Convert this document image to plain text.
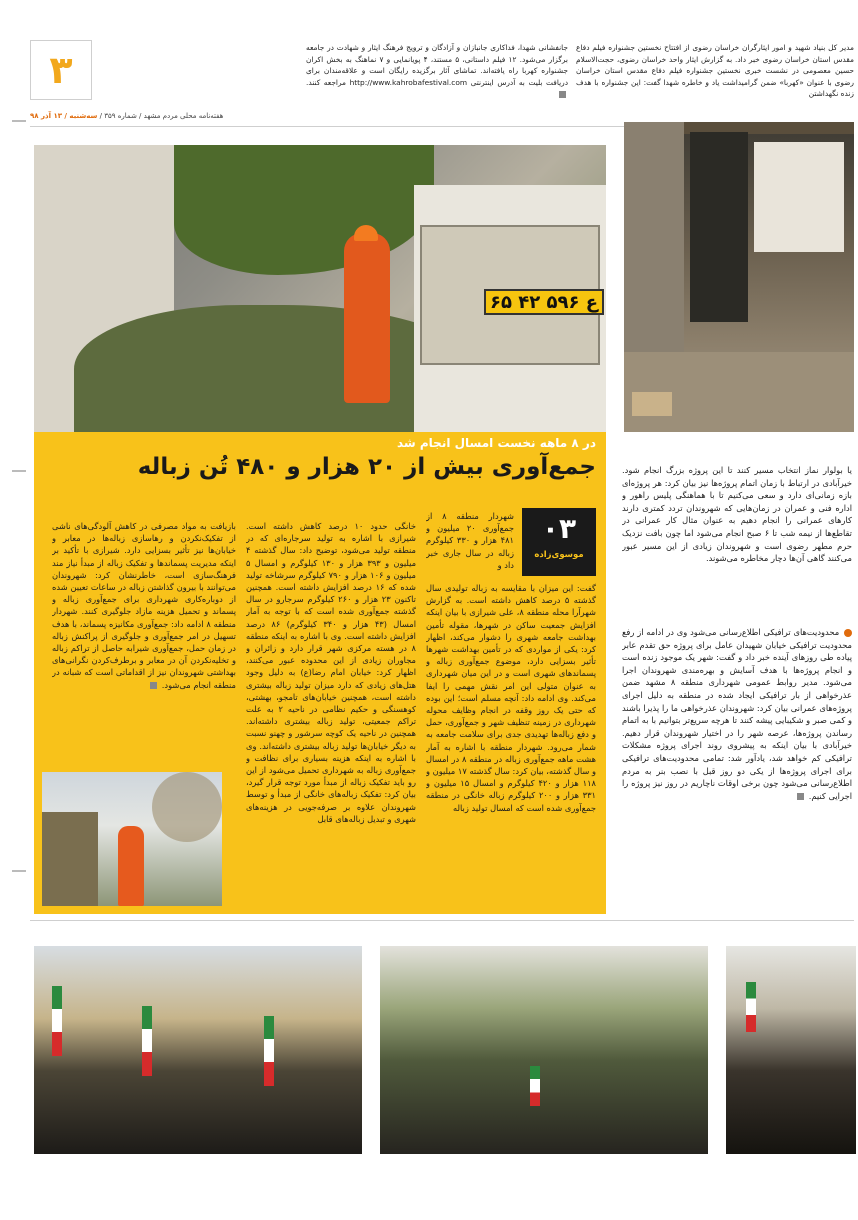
۳
هفته‌نامه محلی مردم مشهد / شماره ۳۵۹ / سه‌شنبه / ۱۳ آذر ۹۸
مدیر کل بنیاد شهید و امور ایثارگران خراسان رضوی از افتتاح نخستین جشنواره فیلم دفاع مقدس استان خراسان رضوی خبر داد. به گزارش ایثار واحد خراسان رضوی، حجت‌الاسلام حسین معصومی در نشست خبری نخستین جشنواره فیلم دفاع مقدس استان خراسان رضوی با عنوان «کهربا» ضمن گرامیداشت یاد و خاطره شهدا گفت: این جشنواره با هدف زنده نگهداشتن
جانفشانی شهدا، فداکاری جانبازان و آزادگان و ترویج فرهنگ ایثار و شهادت در جامعه برگزار می‌شود. ۱۲ فیلم داستانی، ۵ مستند، ۴ پویانمایی و ۷ نماهنگ به بخش اکران جشنواره کهربا راه یافته‌اند. تماشای آثار برگزیده رایگان است و علاقه‌مندان برای دریافت بلیت به آدرس اینترنتی http://www.kahrobafestival.com مراجعه کنند.
۶۵ ع ۵۹۶ ۴۲
در ۸ ماهه نخست امسال انجام شد
جمع‌آوری بیش از ۲۰ هزار و ۴۸۰ تُن زباله
۰۳
موسوی‌زاده
شهردار منطقه ۸ از جمع‌آوری ۲۰ میلیون و ۴۸۱ هزار و ۳۳۰ کیلوگرم زباله در سال جاری خبر داد و
گفت: این میزان با مقایسه به زباله تولیدی سال گذشته ۵ درصد کاهش داشته است. به گزارش شهرآرا محله منطقه ۸، علی شیرازی با بیان اینکه افزایش جمعیت ساکن در شهرها، مقوله تأمین بهداشت جامعه شهری را دشوار می‌کند، اظهار کرد: یکی از مواردی که در تأمین بهداشت شهرها تأثیر بسزایی دارد، موضوع جمع‌آوری زباله و پسماندهای شهری است و در این میان شهرداری به عنوان متولی این امر نقش مهمی را ایفا می‌کند. وی ادامه داد: آنچه مسلم است؛ این بوده که حتی یک روز وقفه در انجام وظایف محوله شهرداری در زمینه تنظیف شهر و جمع‌آوری، حمل و دفع زباله‌ها تهدیدی جدی برای سلامت جامعه به شمار می‌رود. شهردار منطقه با اشاره به آمار هشت ماهه جمع‌آوری زباله در منطقه ۸ در امسال و سال گذشته، بیان کرد: سال گذشته ۱۷ میلیون و ۱۱۸ هزار و ۴۲۰ کیلوگرم و امسال ۱۵ میلیون و ۳۳۱ هزار و ۲۰۰ کیلوگرم زباله خانگی در منطقه جمع‌آوری شده است که امسال تولید زباله
خانگی حدود ۱۰ درصد کاهش داشته است. شیرازی با اشاره به تولید سرجاره‌ای که در منطقه تولید می‌شود، توضیح داد: سال گذشته ۴ میلیون و ۳۹۳ هزار و ۱۳۰ کیلوگرم و امسال ۵ میلیون و ۱۰۶ هزار و ۷۹۰ کیلوگرم سرشاخه تولید شده که ۱۶ درصد افزایش داشته است. همچنین تاکنون ۲۳ هزار و ۲۶۰ کیلوگرم سرجارو در سال گذشته جمع‌آوری شده است که با توجه به آمار امسال (۴۳ هزار و ۳۴۰ کیلوگرم) ۸۶ درصد افزایش داشته است. وی با اشاره به اینکه منطقه ۸ در هسته مرکزی شهر قرار دارد و زائران و مجاوران زیادی از این محدوده عبور می‌کنند، اظهار کرد: خیابان امام رضا(ع) به دلیل وجود هتل‌های زیادی که دارد میزان تولید زباله بیشتری داشته است، همچنین خیابان‌های تامجو، بهشتی، کوهسنگی و حکیم نظامی در ناحیه ۲ به علت تراکم جمعیتی، تولید زباله بیشتری داشته‌اند. همچنین در ناحیه یک کوچه سرشور و چهنو نسبت به دیگر خیابان‌ها تولید زباله بیشتری داشته‌اند. وی با اشاره به اینکه هزینه بسیاری برای نظافت و جمع‌آوری زباله به شهرداری تحمیل می‌شود از این رو باید تفکیک زباله از مبدأ مورد توجه قرار گیرد، بیان کرد: تفکیک زباله‌های خانگی از مبدأ و توسط شهروندان علاوه بر صرفه‌جویی در هزینه‌های شهری و تبدیل زباله‌های قابل
بازیافت به مواد مصرفی در کاهش آلودگی‌های ناشی از تفکیک‌نکردن و رهاسازی زباله‌ها در معابر و خیابان‌ها نیز تأثیر بسزایی دارد. شیرازی با تأکید بر اینکه مدیریت پسماندها و تفکیک زباله از مبدأ نیاز مند فرهنگ‌سازی است، خاطرنشان کرد: شهروندان می‌توانند با بیرون گذاشتن زباله در ساعات تعیین شده از دوباره‌کاری شهرداری برای جمع‌آوری زباله و پسماند و تحمیل هزینه مازاد جلوگیری کنند. شهردار منطقه ۸ ادامه داد: جمع‌آوری مکانیزه پسماند، با هدف تسهیل در امر جمع‌آوری و جلوگیری از پراکنش زباله در زمان حمل، جمع‌آوری شیرابه حاصل از تراکم زباله و تخلیه‌نکردن آن در معابر و برطرف‌کردن نگرانی‌های بهداشتی شهروندان نیز از اقداماتی است که شبانه در منطقه انجام می‌شود.
یا بولوار نماز انتخاب مسیر کنند تا این پروژه بزرگ انجام شود. خیرآبادی در ارتباط با زمان اتمام پروژه‌ها نیز بیان کرد: هر پروژه‌ای بازه زمانی‌ای دارد و سعی می‌کنیم تا با هماهنگی پلیس راهور و اداره فنی و عمران در زمان‌هایی که شهروندان تردد کمتری دارند کارهای عمرانی را انجام دهیم به عنوان مثال کار عمرانی در تقاطع‌ها از نیمه شب تا ۶ صبح انجام می‌شود اما چون بافت نزدیک حرم مطهر رضوی است و شهروندان زیادی از این مسیر عبور می‌کنند گاهی آن‌ها دچار مخاطره می‌شوند.
محدودیت‌های ترافیکی اطلاع‌رسانی می‌شود وی در ادامه از رفع محدودیت ترافیکی خیابان شهیدان عامل برای پروژه حق تقدم عابر پیاده طی روزهای آینده خبر داد و گفت: شهر یک موجود زنده است و انجام پروژه‌ها با هدف آسایش و بهره‌مندی شهروندان اجرا می‌شود. مدیر روابط عمومی شهرداری منطقه ۸ مشهد ضمن عذرخواهی از بار ترافیکی ایجاد شده در منطقه به دلیل اجرای پروژه‌های عمرانی بیان کرد: شهروندان عذرخواهی ما را پذیرا باشند و کمی صبر و شکیبایی پیشه کنند تا هرچه سریع‌تر بتوانیم با به اتمام رساندن پروژه‌ها، عرصه شهر را در اختیار شهروندان قرار دهیم. خیرآبادی با بیان اینکه به پیشروی روند اجرای پروژه مشکلات ترافیکی کم خواهد شد، یادآور شد: تمامی محدودیت‌های ترافیکی برای اجرای پروژه‌ها از یکی دو روز قبل با نصب بنر به مردم اطلاع‌رسانی می‌شود چون برخی اوقات ناچاریم در روز نیز پروژه را اجرایی کنیم.
